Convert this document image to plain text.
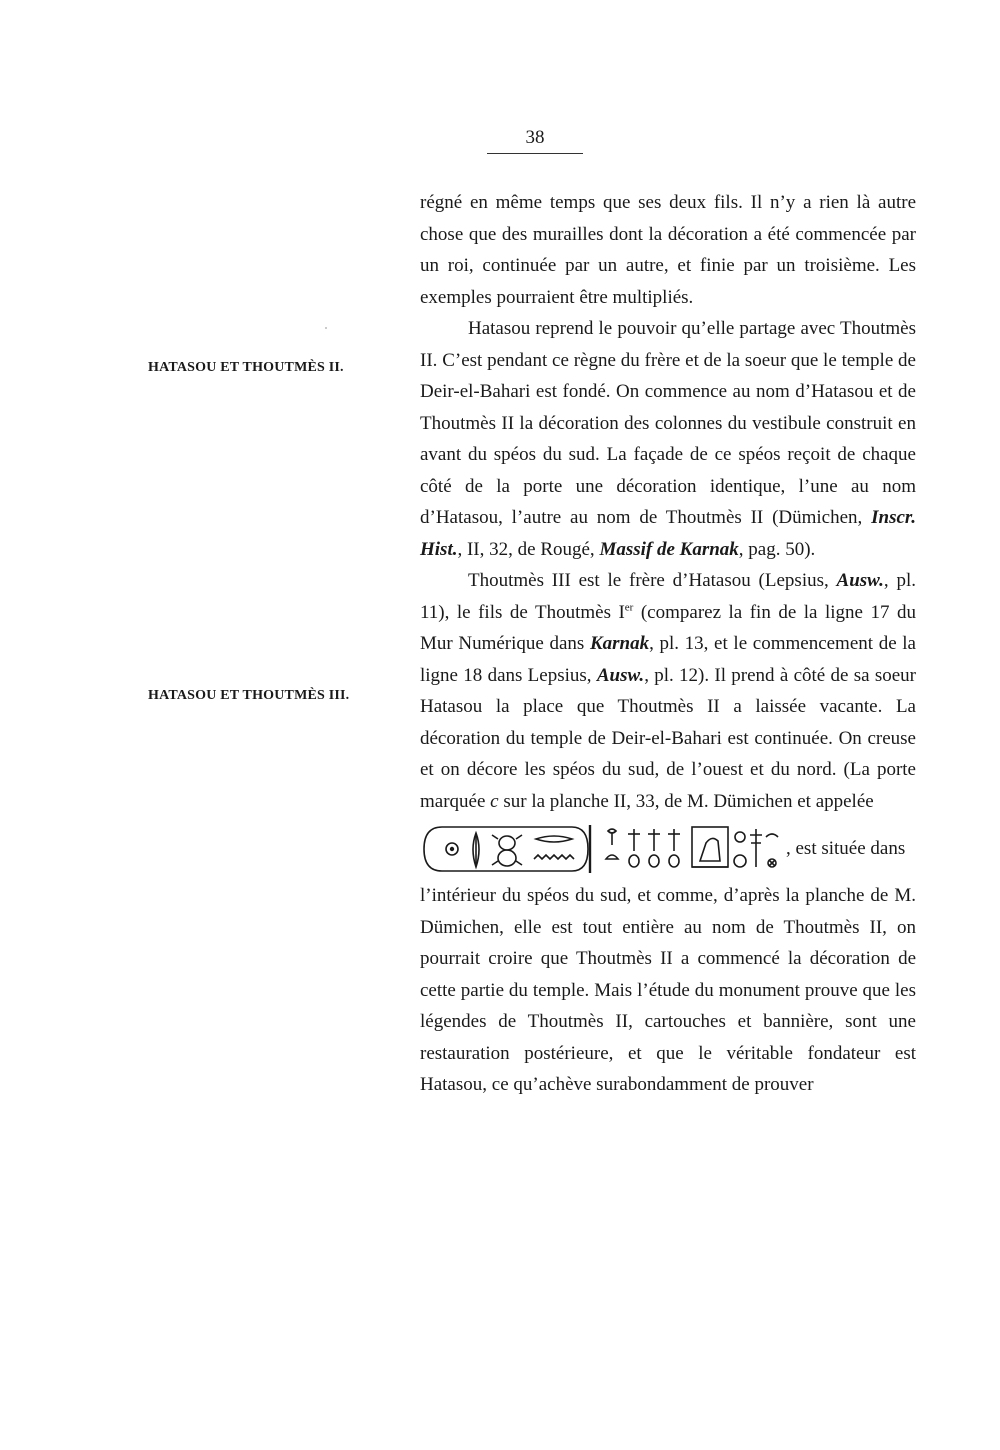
38
HATASOU ET THOUTMÈS II.
HATASOU ET THOUTMÈS III.

régné en même temps que ses deux fils. Il n’y a rien là autre chose que des murailles dont la décoration a été commencée par un roi, continuée par un autre, et finie par un troisième. Les exemples pourraient être multipliés.

Hatasou reprend le pouvoir qu’elle partage avec Thoutmès II. C’est pendant ce règne du frère et de la soeur que le temple de Deir-el-Bahari est fondé. On commence au nom d’Hatasou et de Thoutmès II la décoration des colonnes du vestibule construit en avant du spéos du sud. La façade de ce spéos reçoit de chaque côté de la porte une décoration identique, l’une au nom d’Hatasou, l’autre au nom de Thoutmès II (Dümichen, Inscr. Hist., II, 32, de Rougé, Massif de Karnak, pag. 50).

Thoutmès III est le frère d’Hatasou (Lepsius, Ausw., pl. 11), le fils de Thoutmès Ier (comparez la fin de la ligne 17 du Mur Numérique dans Karnak, pl. 13, et le commencement de la ligne 18 dans Lepsius, Ausw., pl. 12). Il prend à côté de sa soeur Hatasou la place que Thoutmès II a laissée vacante. La décoration du temple de Deir-el-Bahari est continuée. On creuse et on décore les spéos du sud, de l’ouest et du nord. (La porte marquée c sur la planche II, 33, de M. Dümichen et appelée

, est située dans

l’intérieur du spéos du sud, et comme, d’après la planche de M. Dümichen, elle est tout entière au nom de Thoutmès II, on pourrait croire que Thoutmès II a commencé la décoration de cette partie du temple. Mais l’étude du monument prouve que les légendes de Thoutmès II, cartouches et bannière, sont une restauration postérieure, et que le véritable fondateur est Hatasou, ce qu’achève surabondamment de prouver
